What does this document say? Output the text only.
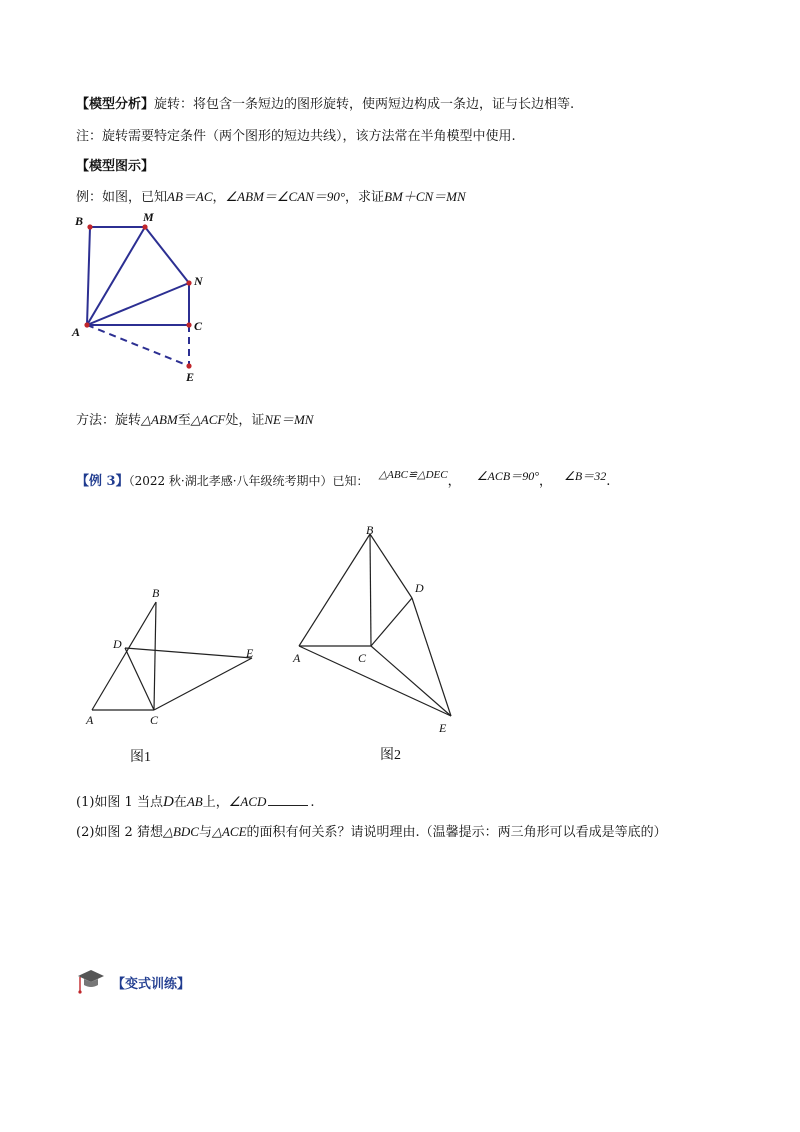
【模型分析】旋转：将包含一条短边的图形旋转，使两短边构成一条边，证与长边相等.
注：旋转需要特定条件（两个图形的短边共线），该方法常在半角模型中使用.
【模型图示】
例：如图，已知AB＝AC，∠ABM＝∠CAN＝90°，求证BM＋CN＝MN
B	M
N
A	C
E
方法：旋转△ABM至△ACF处，证NE＝MN
【例 3】（2022 秋·湖北孝感·八年级统考期中）已知： $^{\triangle ABC≌\triangle DEC}$， ∠ACB＝90°， ∠B＝32.
B
D
E
A	C
图1
B
D
A	C
E
图2
(1)如图 1 当点D在AB上，∠ACD	.
(2)如图 2 猜想△BDC与△ACE的面积有何关系？请说明理由.（温馨提示：两三角形可以看成是等底的）
【变式训练】
